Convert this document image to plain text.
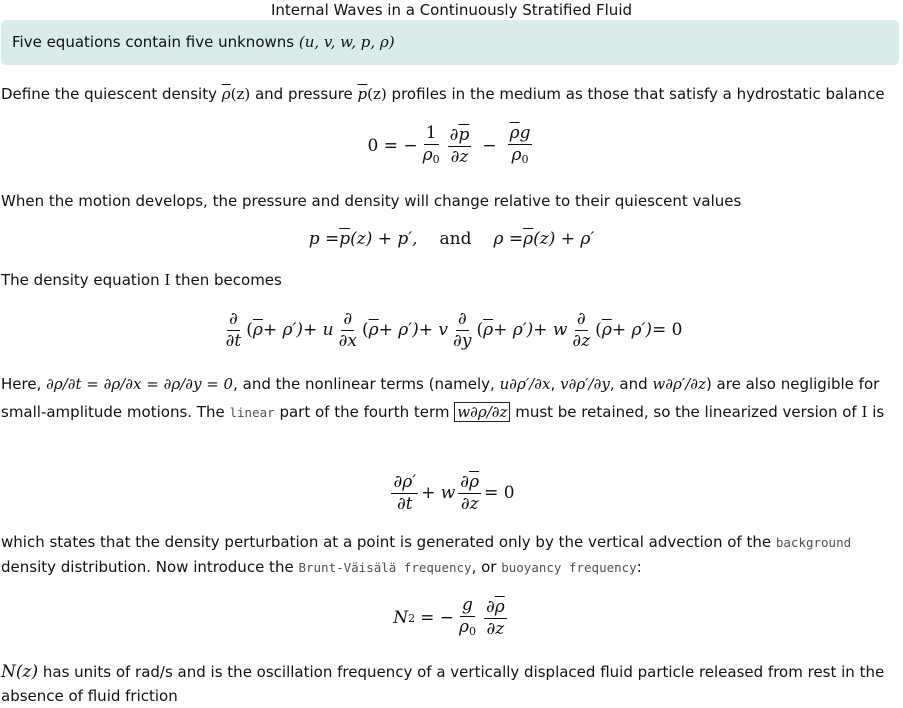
Internal Waves in a Continuously Stratified Fluid
Five equations contain five unknowns (u, v, w, p, ρ)
Define the quiescent density $\overline{\rho}(z)$ and pressure $\overline{p}(z)$ profiles in the medium as those that satisfy a hydrostatic balance
0 = − $\frac{1}{\rho_0} \frac{\partial\overline{p}}{\partial z} - \frac{\overline{\rho}g}{\rho_0}$
When the motion develops, the pressure and density will change relative to their quiescent values
$p = \overline{p}$ (z) + p′, and $\rho = \overline{\rho}$ (z) + ρ′
The density equation I then becomes
$\frac{\partial}{\partial t}$ ( $\overline{\rho} + \rho') + u \frac{\partial}{\partial x}$ ( $\overline{\rho} + \rho') + v \frac{\partial}{\partial y}$ ( $\overline{\rho} + \rho') + w \frac{\partial}{\partial z}$ ( $\overline{\rho} + \rho') = 0$
Here, ∂ρ/∂t = ∂ρ/∂x = ∂ρ/∂y = 0, and the nonlinear terms (namely, u∂ρ′/∂x, v∂ρ′/∂y, and w∂ρ′/∂z) are also negligible for small-amplitude motions. The linear part of the fourth term w∂ρ/∂z must be retained, so the linearized version of I is
$\frac{\partial\rho'}{\partial t} + w \frac{\partial\overline{\rho}}{\partial z} = 0$
which states that the density perturbation at a point is generated only by the vertical advection of the background density distribution. Now introduce the Brunt-Väisälä frequency, or buoyancy frequency:
N 2 = − $\frac{g}{\rho_0} \frac{\partial\overline{\rho}}{\partial z}$
N(z) has units of rad/s and is the oscillation frequency of a vertically displaced fluid particle released from rest in the absence of fluid friction
